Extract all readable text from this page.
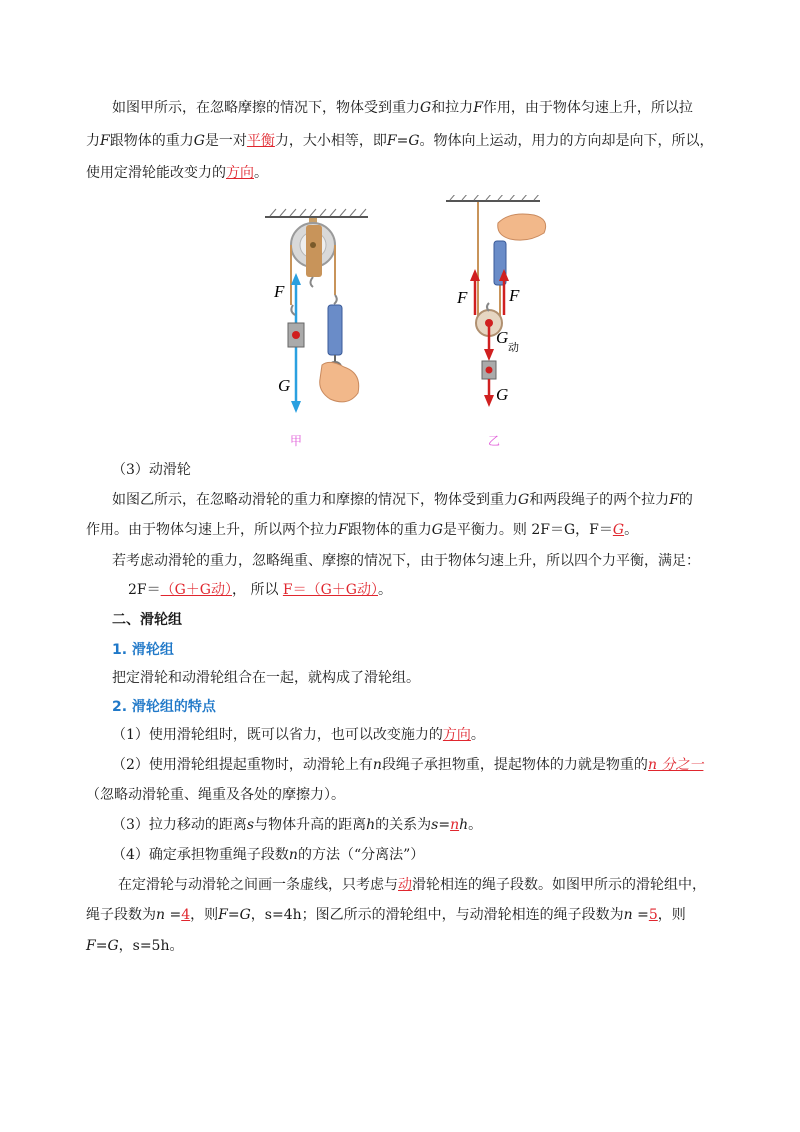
如图甲所示，在忽略摩擦的情况下，物体受到重力G和拉力F作用，由于物体匀速上升，所以拉
力F跟物体的重力G是一对平衡力，大小相等，即F=G。物体向上运动，用力的方向却是向下，所以，
使用定滑轮能改变力的方向。
F
G
F F
G
动
G
甲	乙
（3）动滑轮
如图乙所示，在忽略动滑轮的重力和摩擦的情况下，物体受到重力G和两段绳子的两个拉力F的
作用。由于物体匀速上升，所以两个拉力F跟物体的重力G是平衡力。则 2F＝G，F＝G。
若考虑动滑轮的重力，忽略绳重、摩擦的情况下，由于物体匀速上升，所以四个力平衡，满足：
2F＝（G＋G动）， 所以 F＝（G＋G动）。
二、滑轮组
1. 滑轮组
把定滑轮和动滑轮组合在一起，就构成了滑轮组。
2. 滑轮组的特点
（1）使用滑轮组时，既可以省力，也可以改变施力的方向。
（2）使用滑轮组提起重物时，动滑轮上有n段绳子承担物重，提起物体的力就是物重的n 分之一
（忽略动滑轮重、绳重及各处的摩擦力）。
（3）拉力移动的距离s与物体升高的距离h的关系为s=nh。
（4）确定承担物重绳子段数n的方法（“分离法”）
在定滑轮与动滑轮之间画一条虚线，只考虑与动滑轮相连的绳子段数。如图甲所示的滑轮组中，
绳子段数为n =4，则F=G，s=4h；图乙所示的滑轮组中，与动滑轮相连的绳子段数为n =5，则
F=G，s=5h。
